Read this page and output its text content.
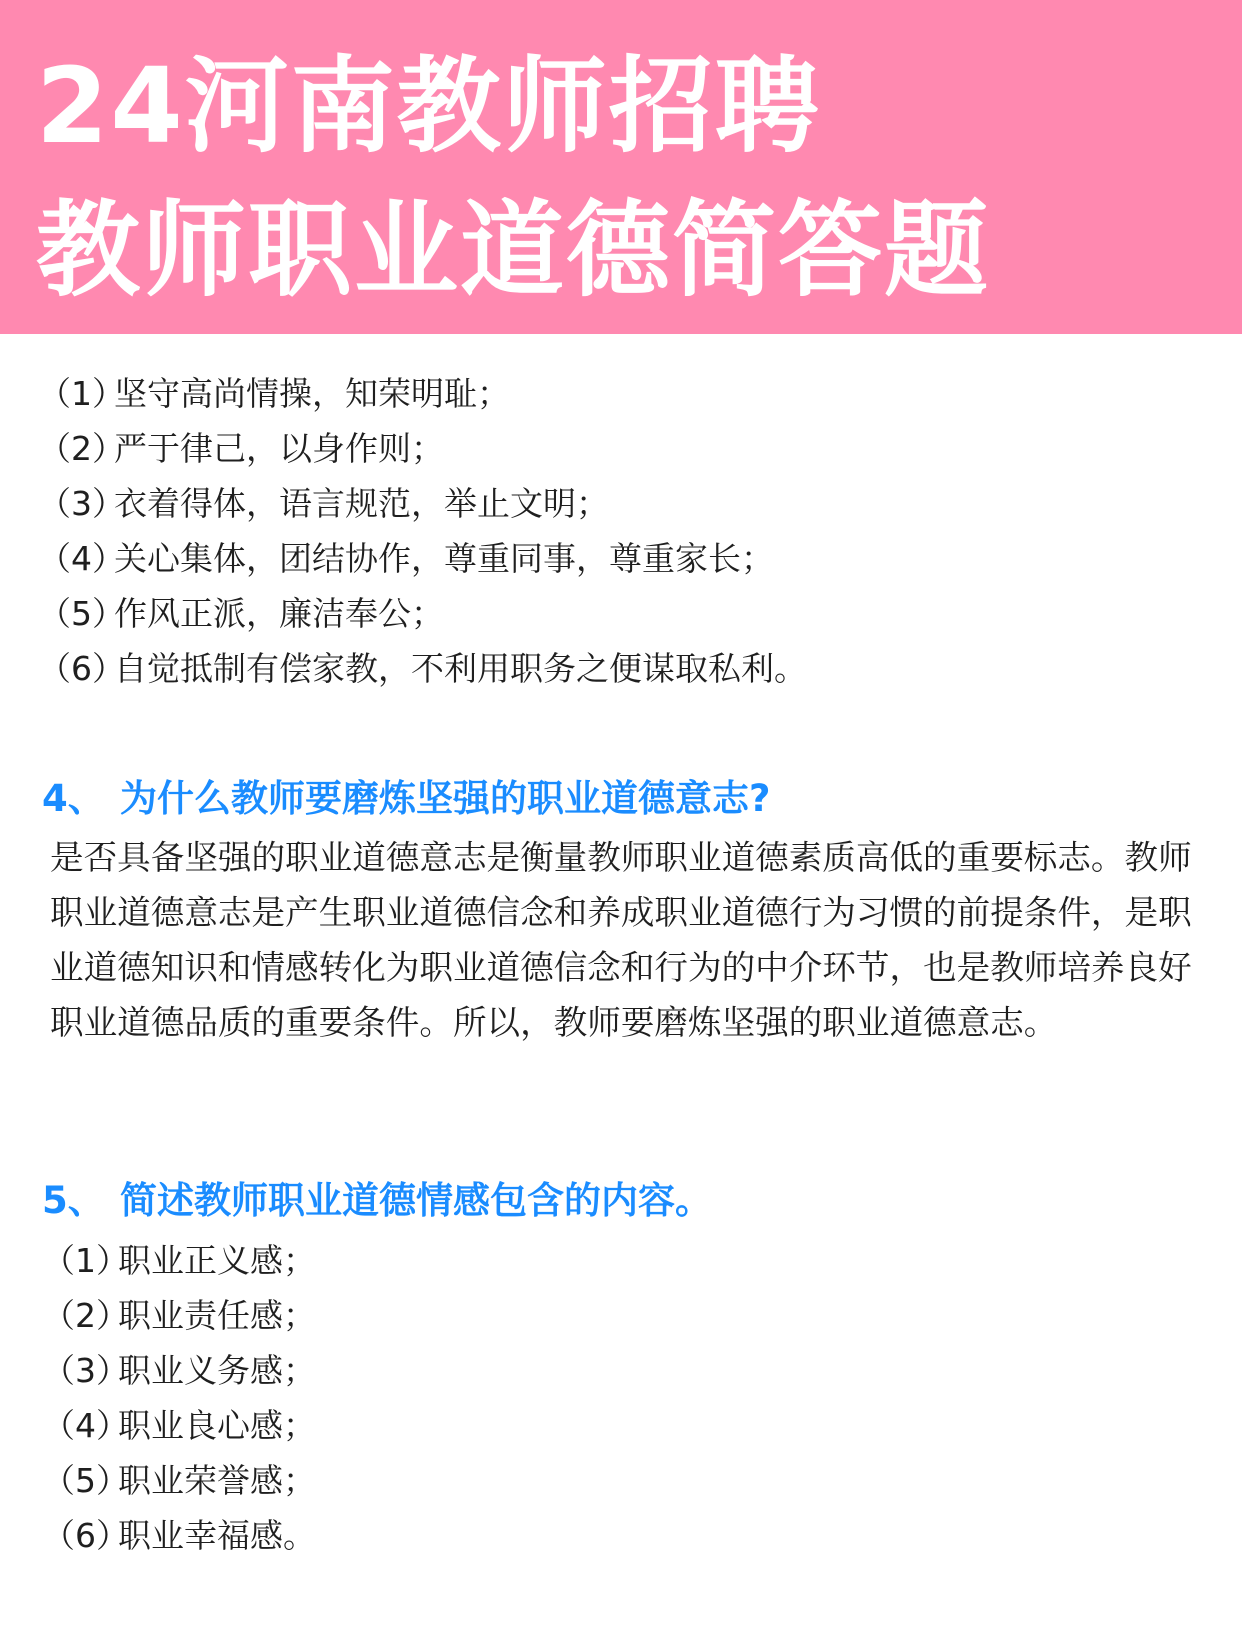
24河南教师招聘
教师职业道德简答题
（1）坚守高尚情操，知荣明耻；
（2）严于律己，以身作则；
（3）衣着得体，语言规范，举止文明；
（4）关心集体，团结协作，尊重同事，尊重家长；
（5）作风正派，廉洁奉公；
（6）自觉抵制有偿家教，不利用职务之便谋取私利。
4、 为什么教师要磨炼坚强的职业道德意志?

是否具备坚强的职业道德意志是衡量教师职业道德素质高低的重要标志。教师职业道德意志是产生职业道德信念和养成职业道德行为习惯的前提条件，是职业道德知识和情感转化为职业道德信念和行为的中介环节，也是教师培养良好职业道德品质的重要条件。所以，教师要磨炼坚强的职业道德意志。

5、 简述教师职业道德情感包含的内容。
（1）职业正义感；
（2）职业责任感；
（3）职业义务感；
（4）职业良心感；
（5）职业荣誉感；
（6）职业幸福感。
